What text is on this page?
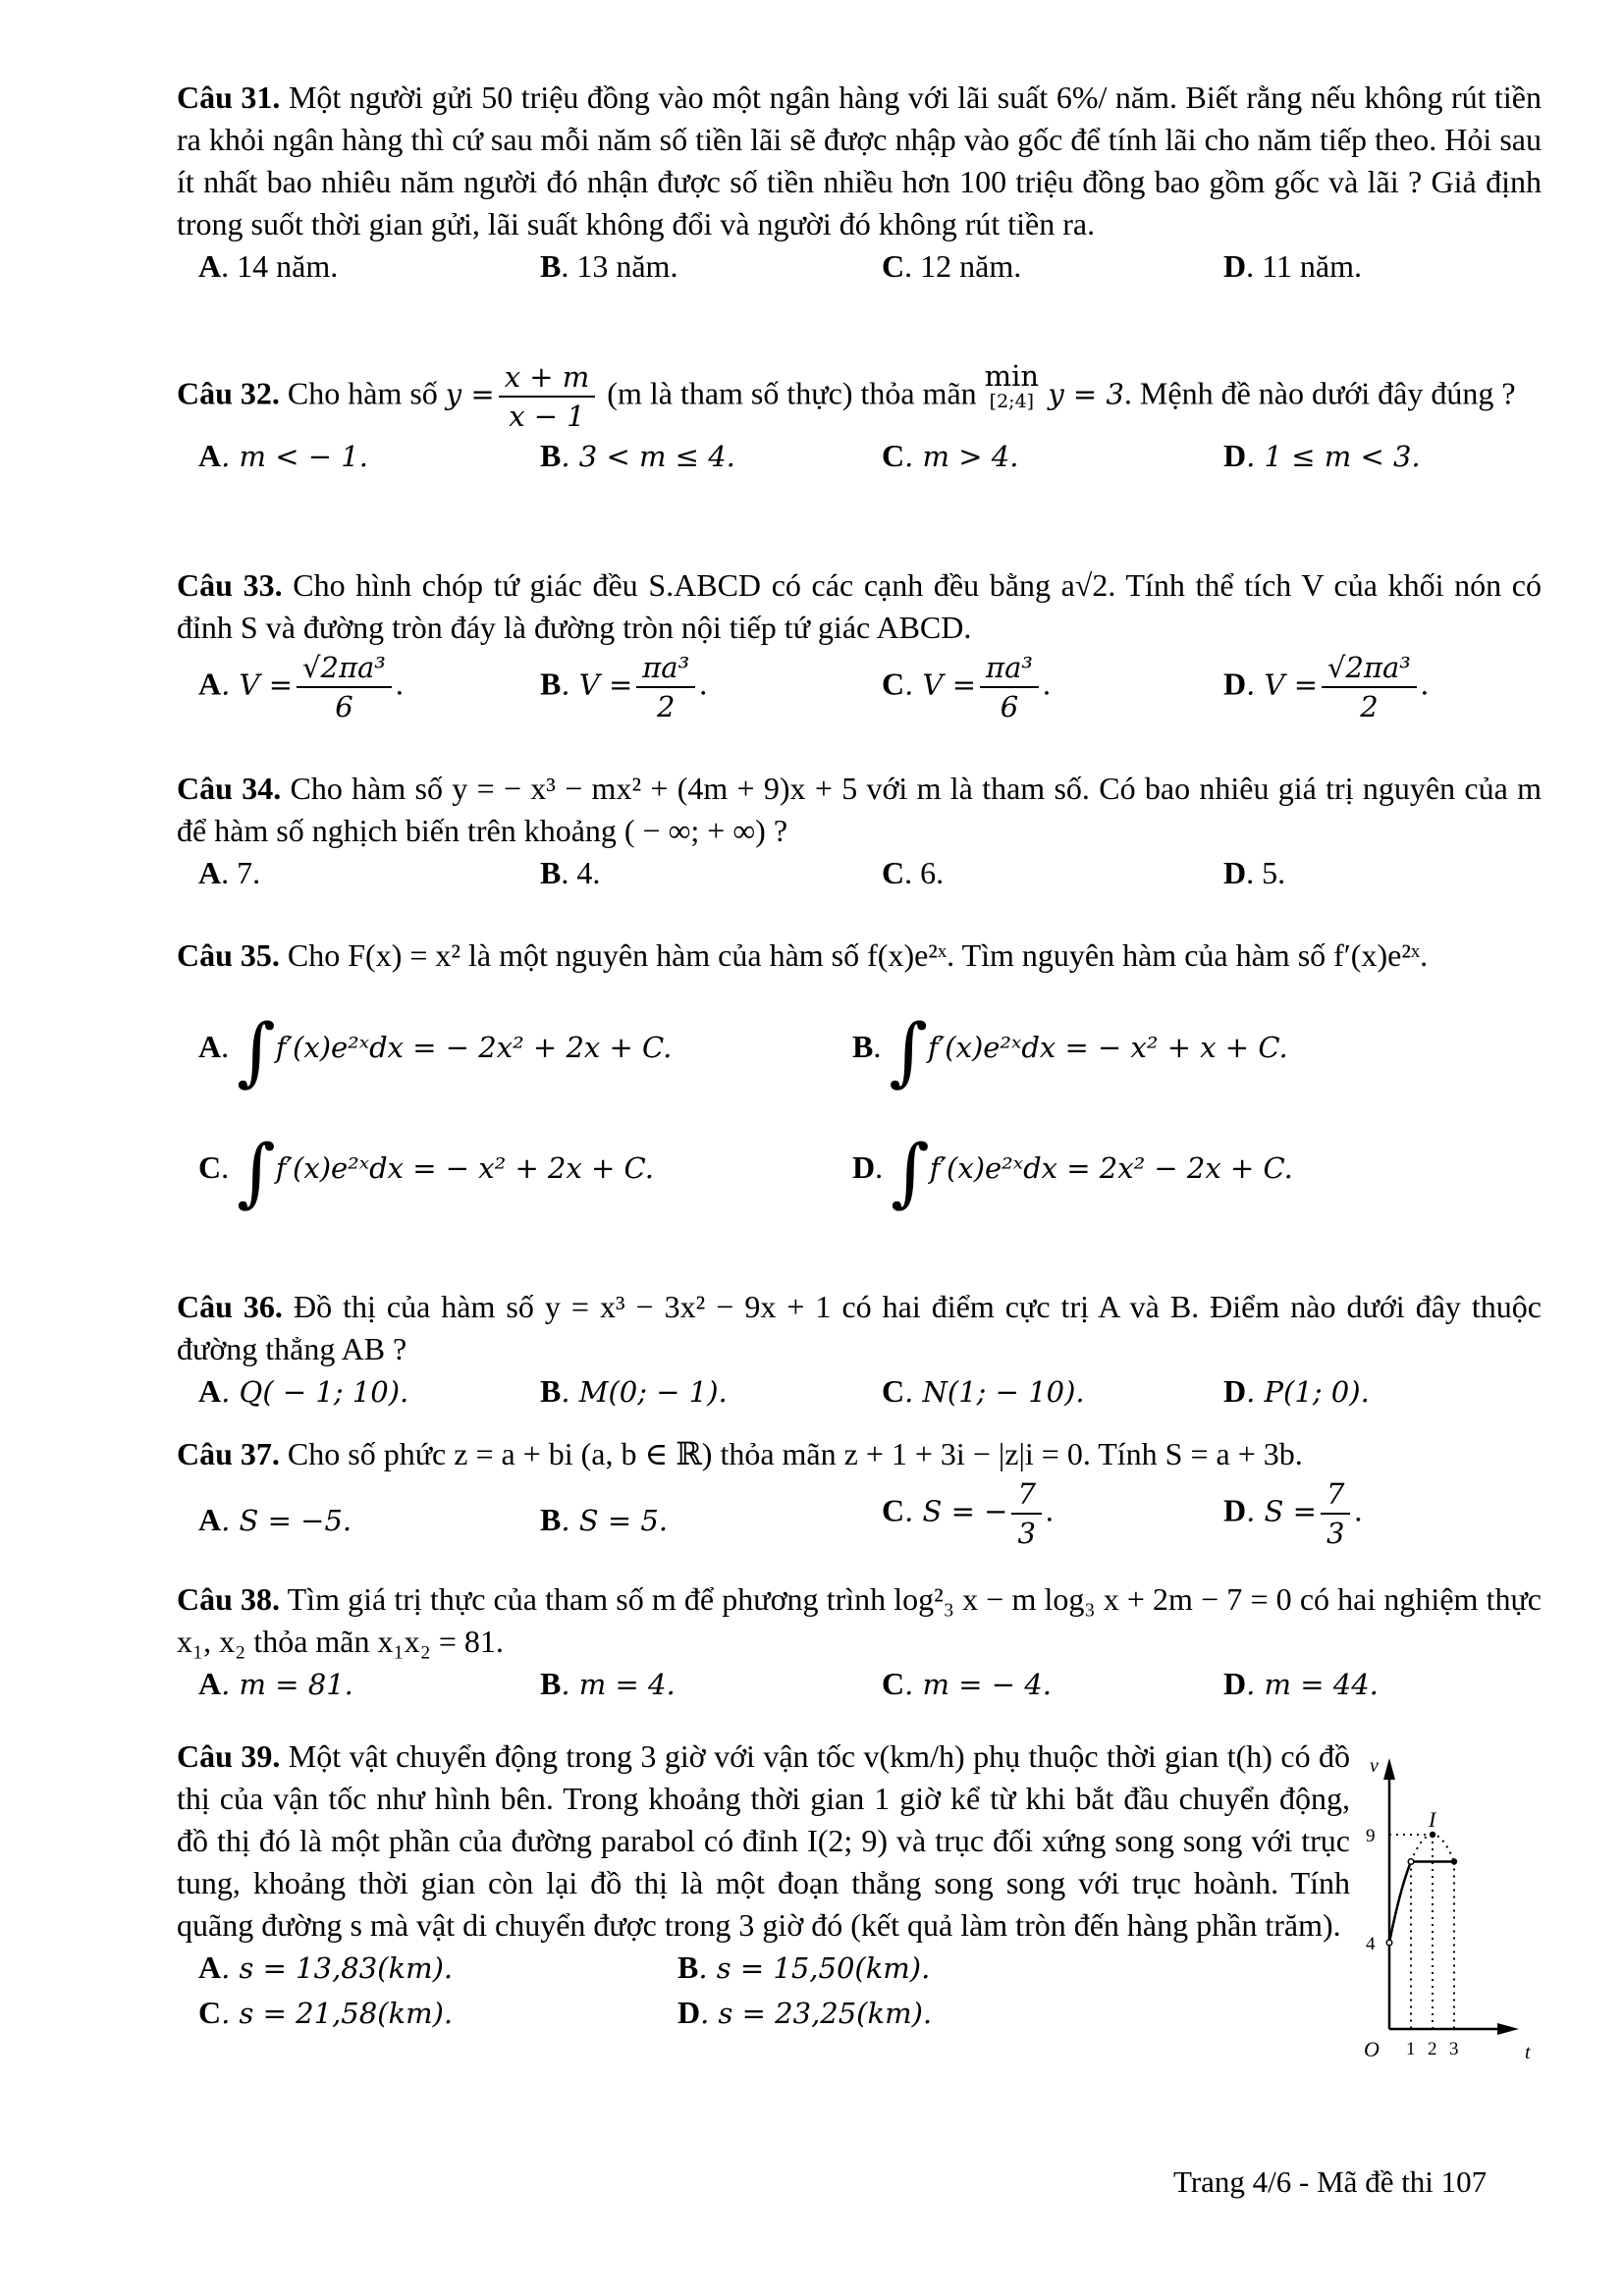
Câu 31. Một người gửi 50 triệu đồng vào một ngân hàng với lãi suất 6%/ năm. Biết rằng nếu không rút tiền ra khỏi ngân hàng thì cứ sau mỗi năm số tiền lãi sẽ được nhập vào gốc để tính lãi cho năm tiếp theo. Hỏi sau ít nhất bao nhiêu năm người đó nhận được số tiền nhiều hơn 100 triệu đồng bao gồm gốc và lãi ? Giả định trong suốt thời gian gửi, lãi suất không đổi và người đó không rút tiền ra.
A. 14 năm.	B. 13 năm.	C. 12 năm.	D. 11 năm.
Câu 32. Cho hàm số $y = \frac{x + m}{x - 1} (m$ là tham số thực) thỏa mãn min
[2;4] y = 3. Mệnh đề nào dưới đây đúng ?
A. m < − 1.	B. 3 < m ≤ 4.	C. m > 4.	D. 1 ≤ m < 3.
Câu 33. Cho hình chóp tứ giác đều S.ABCD có các cạnh đều bằng a√2. Tính thể tích V của khối nón có đỉnh S và đường tròn đáy là đường tròn nội tiếp tứ giác ABCD.
A. $V = \frac{\text{√2πa³}}{6}$ .	B. $V = \frac{\text{πa³}}{2}$ .	C. $V = \frac{\text{πa³}}{6}$ .	D. $V = \frac{\text{√2πa³}}{2}$ .
Câu 34. Cho hàm số y = − x³ − mx² + (4m + 9)x + 5 với m là tham số. Có bao nhiêu giá trị nguyên của m để hàm số nghịch biến trên khoảng ( − ∞; + ∞) ?
A. 7.	B. 4.	C. 6.	D. 5.
Câu 35. Cho F(x) = x² là một nguyên hàm của hàm số f(x)e²ˣ. Tìm nguyên hàm của hàm số f′(x)e²ˣ.
A. ∫f′(x)e²ˣdx = − 2x² + 2x + C.	B. ∫f′(x)e²ˣdx = − x² + x + C.
C. ∫f′(x)e²ˣdx = − x² + 2x + C.	D. ∫f′(x)e²ˣdx = 2x² − 2x + C.
Câu 36. Đồ thị của hàm số y = x³ − 3x² − 9x + 1 có hai điểm cực trị A và B. Điểm nào dưới đây thuộc đường thẳng AB ?
A. Q( − 1; 10).	B. M(0; − 1).	C. N(1; − 10).	D. P(1; 0).
Câu 37. Cho số phức z = a + bi (a, b ∈ ℝ) thỏa mãn z + 1 + 3i − |z|i = 0. Tính S = a + 3b.
A. S = −5.	B. S = 5.	C. S = − $\frac{7}{3}$ .	D. $S = \frac{7}{3}$ .
Câu 38. Tìm giá trị thực của tham số m để phương trình log²₃ x − m log₃ x + 2m − 7 = 0 có hai nghiệm thực x₁, x₂ thỏa mãn x₁x₂ = 81.
A. m = 81.	B. m = 4.	C. m = − 4.	D. m = 44.
Câu 39. Một vật chuyển động trong 3 giờ với vận tốc v(km/h) phụ thuộc thời gian t(h) có đồ thị của vận tốc như hình bên. Trong khoảng thời gian 1 giờ kể từ khi bắt đầu chuyển động, đồ thị đó là một phần của đường parabol có đỉnh I(2; 9) và trục đối xứng song song với trục tung, khoảng thời gian còn lại đồ thị là một đoạn thẳng song song với trục hoành. Tính quãng đường s mà vật di chuyển được trong 3 giờ đó (kết quả làm tròn đến hàng phần trăm).
A. s = 13,83(km).	B. s = 15,50(km).
C. s = 21,58(km).	D. s = 23,25(km).
v
t
O
I
1 2 3
4
9
Trang 4/6 - Mã đề thi 107
